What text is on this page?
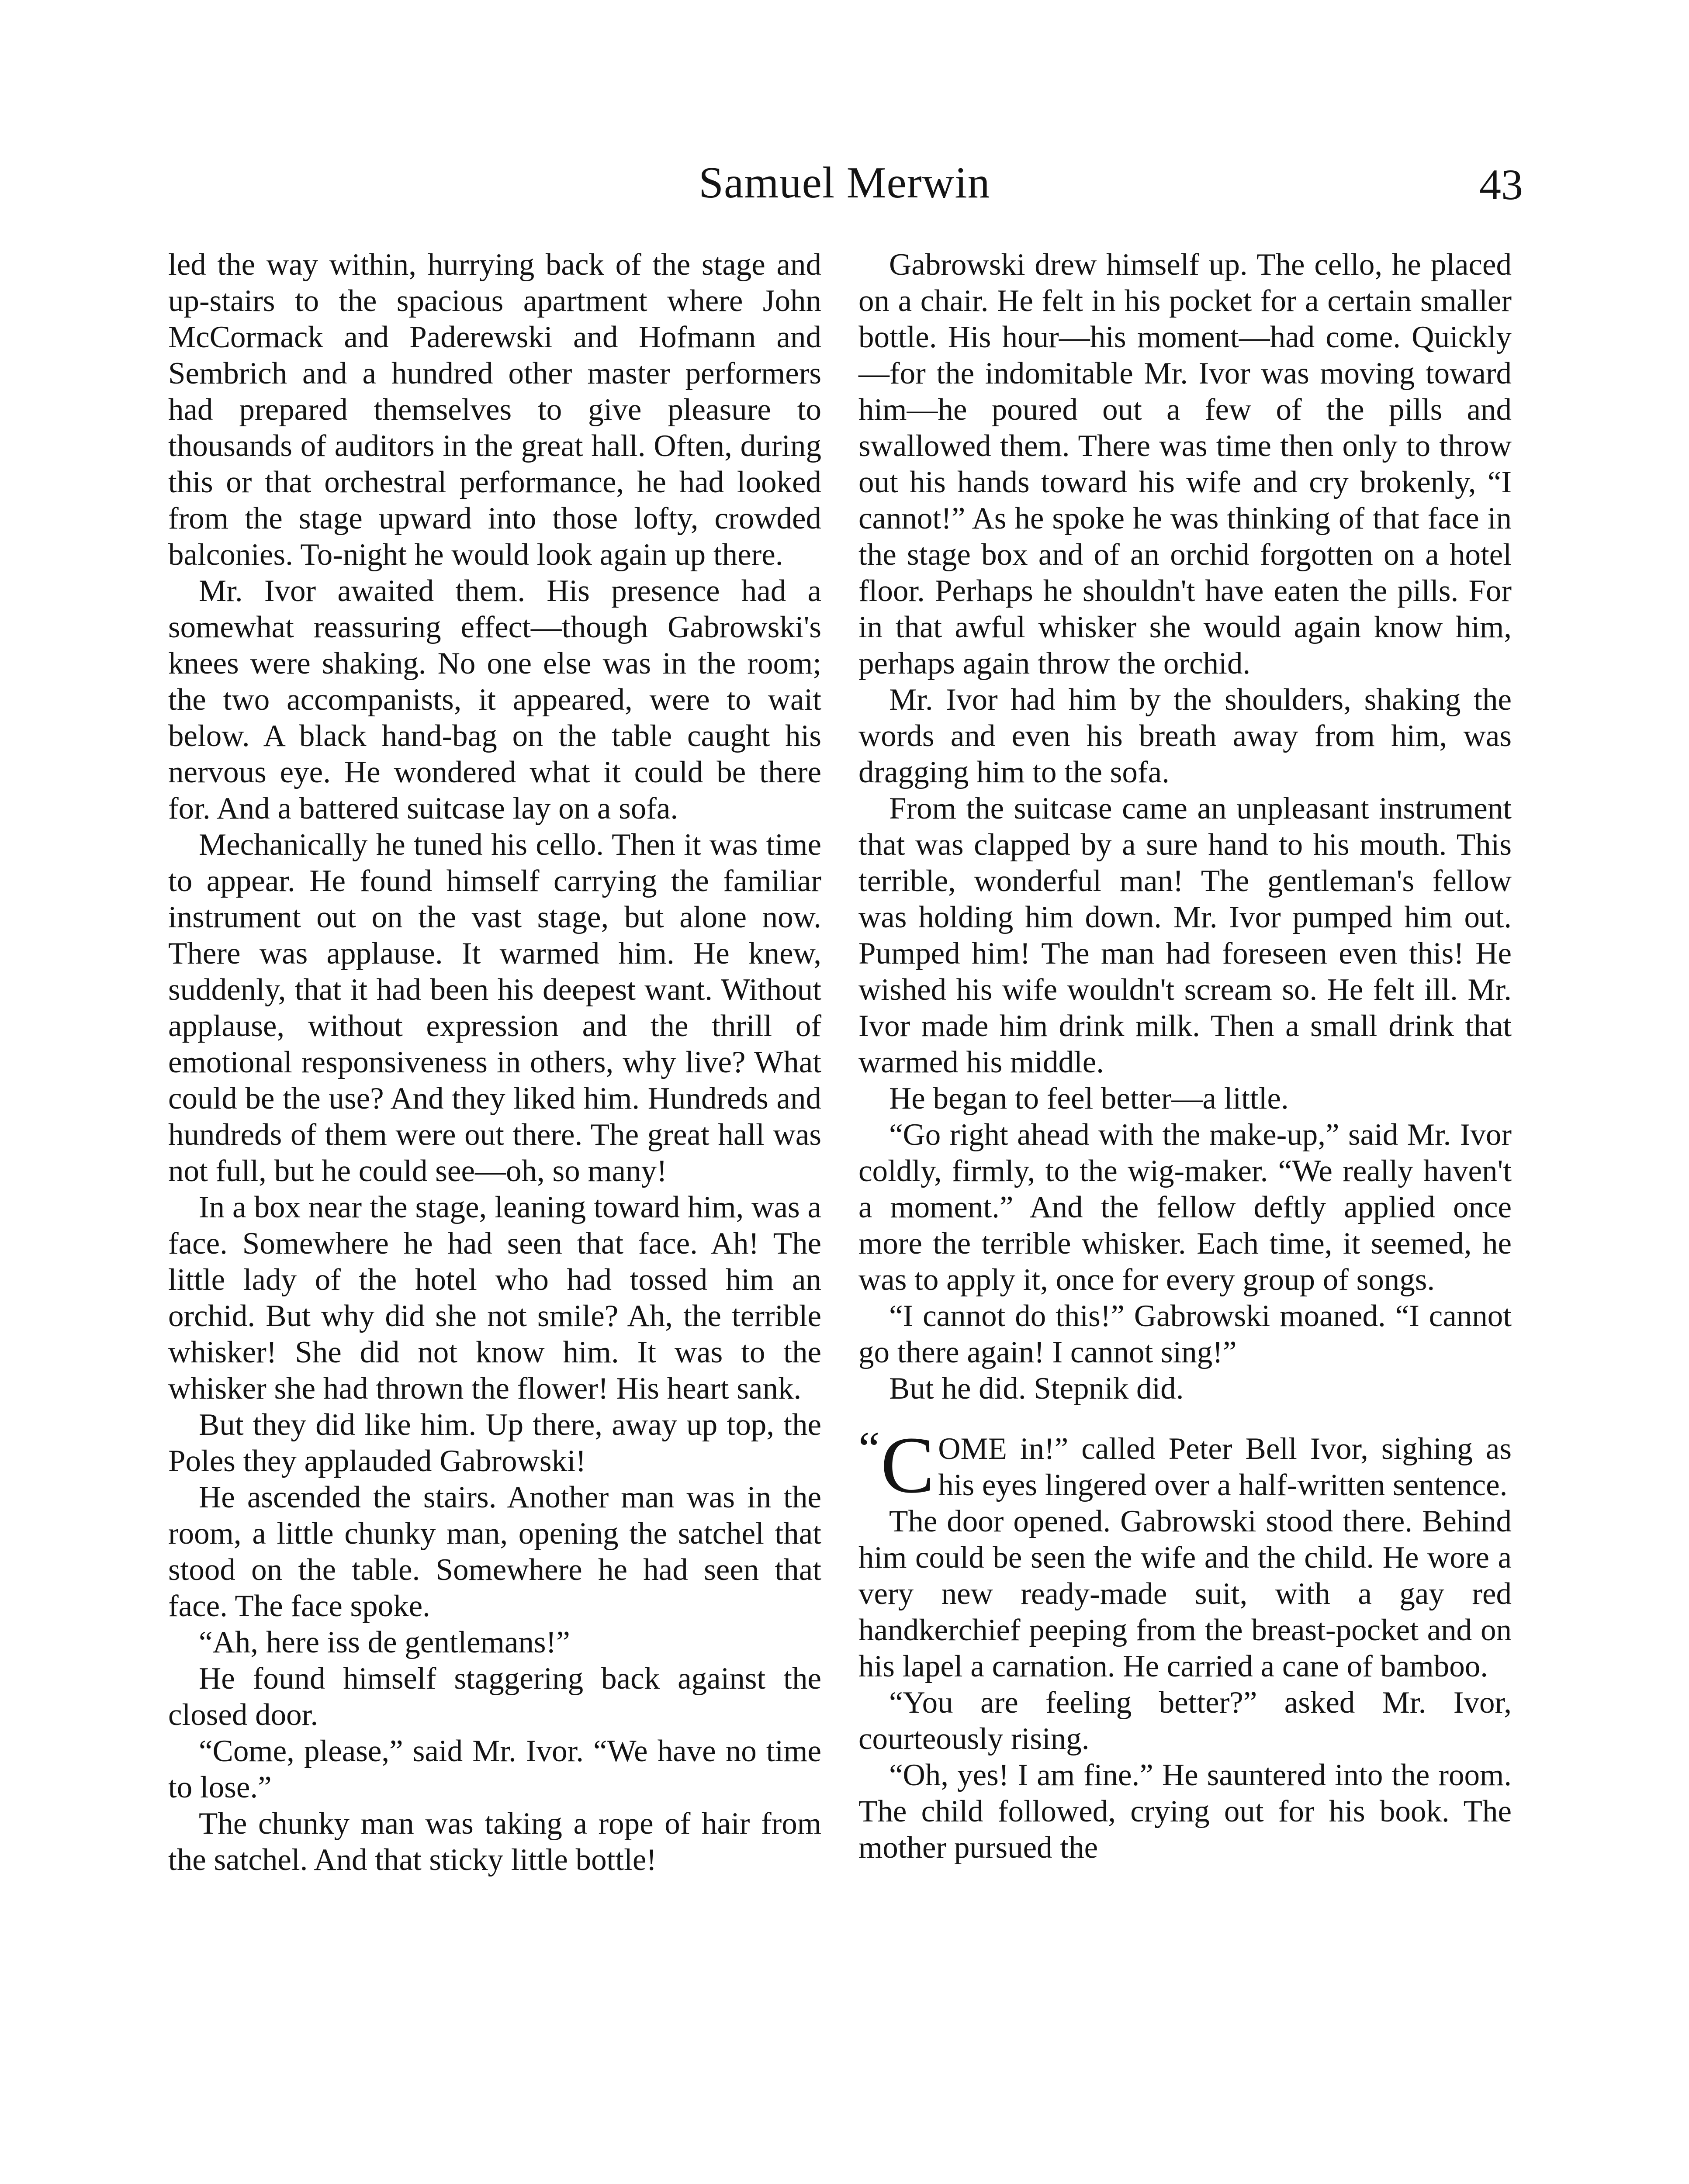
Samuel Merwin	43

led the way within, hurrying back of the stage and up-stairs to the spacious apartment where John McCormack and Paderewski and Hofmann and Sembrich and a hundred other master performers had prepared themselves to give pleasure to thousands of auditors in the great hall. Often, during this or that orchestral performance, he had looked from the stage upward into those lofty, crowded balconies. To-night he would look again up there.

Mr. Ivor awaited them. His presence had a somewhat reassuring effect—though Gabrowski's knees were shaking. No one else was in the room; the two accompanists, it appeared, were to wait below. A black hand-bag on the table caught his nervous eye. He wondered what it could be there for. And a battered suitcase lay on a sofa.

Mechanically he tuned his cello. Then it was time to appear. He found himself carrying the familiar instrument out on the vast stage, but alone now. There was applause. It warmed him. He knew, suddenly, that it had been his deepest want. Without applause, without expression and the thrill of emotional responsiveness in others, why live? What could be the use? And they liked him. Hundreds and hundreds of them were out there. The great hall was not full, but he could see—oh, so many!

In a box near the stage, leaning toward him, was a face. Somewhere he had seen that face. Ah! The little lady of the hotel who had tossed him an orchid. But why did she not smile? Ah, the terrible whisker! She did not know him. It was to the whisker she had thrown the flower! His heart sank.

But they did like him. Up there, away up top, the Poles they applauded Gabrowski!

He ascended the stairs. Another man was in the room, a little chunky man, opening the satchel that stood on the table. Somewhere he had seen that face. The face spoke.

“Ah, here iss de gentlemans!”

He found himself staggering back against the closed door.

“Come, please,” said Mr. Ivor. “We have no time to lose.”

The chunky man was taking a rope of hair from the satchel. And that sticky little bottle!

Gabrowski drew himself up. The cello, he placed on a chair. He felt in his pocket for a certain smaller bottle. His hour—his moment—had come. Quickly—for the indomitable Mr. Ivor was moving toward him—he poured out a few of the pills and swallowed them. There was time then only to throw out his hands toward his wife and cry brokenly, “I cannot!” As he spoke he was thinking of that face in the stage box and of an orchid forgotten on a hotel floor. Perhaps he shouldn't have eaten the pills. For in that awful whisker she would again know him, perhaps again throw the orchid.

Mr. Ivor had him by the shoulders, shaking the words and even his breath away from him, was dragging him to the sofa.

From the suitcase came an unpleasant instrument that was clapped by a sure hand to his mouth. This terrible, wonderful man! The gentleman's fellow was holding him down. Mr. Ivor pumped him out. Pumped him! The man had foreseen even this! He wished his wife wouldn't scream so. He felt ill. Mr. Ivor made him drink milk. Then a small drink that warmed his middle.

He began to feel better—a little.

“Go right ahead with the make-up,” said Mr. Ivor coldly, firmly, to the wig-maker. “We really haven't a moment.” And the fellow deftly applied once more the terrible whisker. Each time, it seemed, he was to apply it, once for every group of songs.

“I cannot do this!” Gabrowski moaned. “I cannot go there again! I cannot sing!”

But he did. Stepnik did.

“ C OME in!” called Peter Bell Ivor, sighing as his eyes lingered over a half-written sentence.

The door opened. Gabrowski stood there. Behind him could be seen the wife and the child. He wore a very new ready-made suit, with a gay red handkerchief peeping from the breast-pocket and on his lapel a carnation. He carried a cane of bamboo.

“You are feeling better?” asked Mr. Ivor, courteously rising.

“Oh, yes! I am fine.” He sauntered into the room. The child followed, crying out for his book. The mother pursued the
